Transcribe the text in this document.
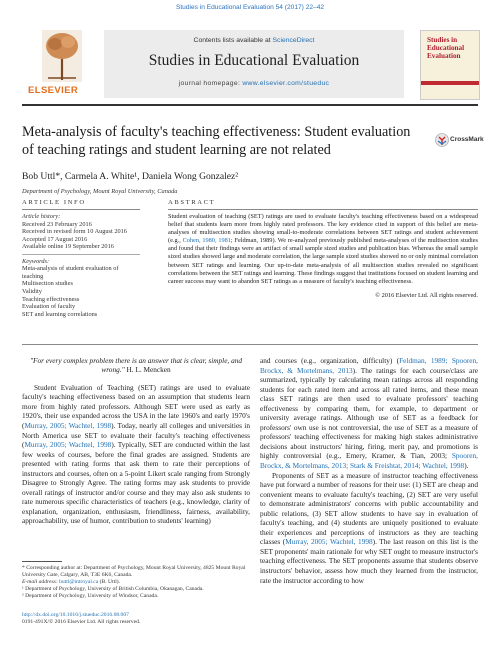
Studies in Educational Evaluation 54 (2017) 22–42
ELSEVIER
Contents lists available at ScienceDirect
Studies in Educational Evaluation
journal homepage: www.elsevier.com/stueduc
Studies in Educational Evaluation
Meta-analysis of faculty's teaching effectiveness: Student evaluation of teaching ratings and student learning are not related
CrossMark
Bob Uttl*, Carmela A. White¹, Daniela Wong Gonzalez²
Department of Psychology, Mount Royal University, Canada
ARTICLE INFO	ABSTRACT
Article history:
Received 23 February 2016
Received in revised form 10 August 2016
Accepted 17 August 2016
Available online 19 September 2016
Keywords:
Meta-analysis of student evaluation of teaching
Multisection studies
Validity
Teaching effectiveness
Evaluation of faculty
SET and learning correlations
Student evaluation of teaching (SET) ratings are used to evaluate faculty's teaching effectiveness based on a widespread belief that students learn more from highly rated professors. The key evidence cited in support of this belief are meta-analyses of multisection studies showing small-to-moderate correlations between SET ratings and student achievement (e.g., Cohen, 1980, 1981; Feldman, 1989). We re-analyzed previously published meta-analyses of the multisection studies and found that their findings were an artifact of small sample sized studies and publication bias. Whereas the small sample sized studies showed large and moderate correlation, the large sample sized studies showed no or only minimal correlation between SET ratings and learning. Our up-to-date meta-analysis of all multisection studies revealed no significant correlations between the SET ratings and learning. These findings suggest that institutions focused on student learning and career success may want to abandon SET ratings as a measure of faculty's teaching effectiveness.
© 2016 Elsevier Ltd. All rights reserved.
"For every complex problem there is an answer that is clear, simple, and wrong." H. L. Mencken
Student Evaluation of Teaching (SET) ratings are used to evaluate faculty's teaching effectiveness based on an assumption that students learn more from highly rated professors. Although SET were used as early as 1920's, their use expanded across the USA in the late 1960's and early 1970's (Murray, 2005; Wachtel, 1998). Today, nearly all colleges and universities in North America use SET to evaluate their faculty's teaching effectiveness (Murray, 2005; Wachtel, 1998). Typically, SET are conducted within the last few weeks of courses, before the final grades are assigned. Students are presented with rating forms that ask them to rate their perceptions of instructors and courses, often on a 5-point Likert scale ranging from Strongly Disagree to Strongly Agree. The rating forms may ask students to provide overall ratings of instructor and/or course and they may also ask students to rate numerous specific characteristics of teachers (e.g., knowledge, clarity of explanation, organization, enthusiasm, friendliness, fairness, availability, approachability, use of humor, contribution to students' learning)
and courses (e.g., organization, difficulty) (Feldman, 1989; Spooren, Brockx, & Mortelmans, 2013). The ratings for each course/class are summarized, typically by calculating mean ratings across all responding students for each rated item and across all rated items, and these mean class SET ratings are then used to evaluate professors' teaching effectiveness by comparing them, for example, to department or university average ratings. Although use of SET as a feedback for professors' own use is not controversial, the use of SET as a measure of professors' teaching effectiveness for making high stakes administrative decisions about instructors' hiring, firing, merit pay, and promotions is highly controversial (e.g., Emery, Kramer, & Tian, 2003; Spooren, Brockx, & Mortelmans, 2013; Stark & Freishtat, 2014; Wachtel, 1998).
Proponents of SET as a measure of instructor teaching effectiveness have put forward a number of reasons for their use: (1) SET are cheap and convenient means to evaluate faculty's teaching, (2) SET are very useful to demonstrate administrators' concerns with public accountability and public relations, (3) SET allow students to have say in evaluation of faculty's teaching, and (4) students are uniquely positioned to evaluate their experiences and perceptions of instructors as they are teaching classes (Murray, 2005; Wachtel, 1998). The last reason on this list is the SET proponents' main rationale for why SET ought to measure instructor's teaching effectiveness. The SET proponents assume that students observe instructors' behavior, assess how much they learned from the instructor, rate the instructor according to how
* Corresponding author at: Department of Psychology, Mount Royal University, 4825 Mount Royal University Gate, Calgary, AB, T3E 6K6, Canada.
E-mail address: buttl@mtroyal.ca (B. Uttl).
¹ Department of Psychology, University of British Columbia, Okanagan, Canada.
² Department of Psychology, University of Windsor, Canada.
http://dx.doi.org/10.1016/j.stueduc.2016.08.007
0191-491X/© 2016 Elsevier Ltd. All rights reserved.
